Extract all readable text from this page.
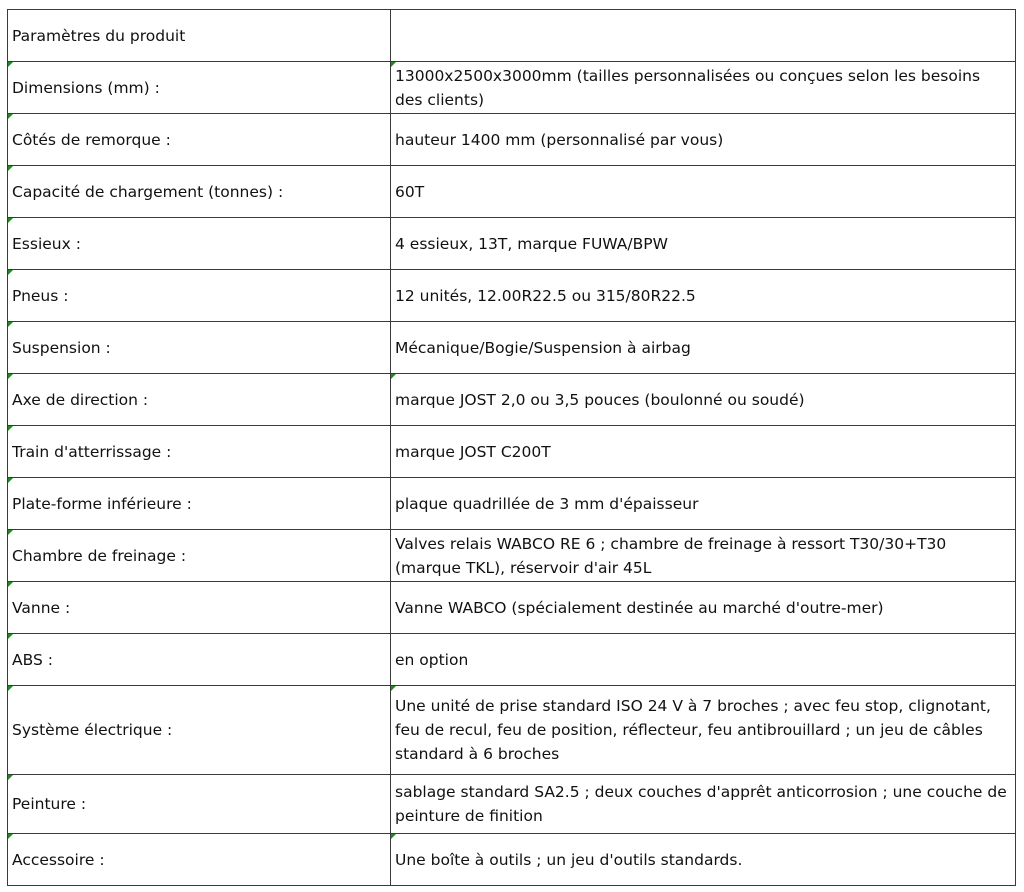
Paramètres du produit	
Dimensions (mm) :	13000x2500x3000mm (tailles personnalisées ou conçues selon les besoins des clients)
Côtés de remorque :	hauteur 1400 mm (personnalisé par vous)
Capacité de chargement (tonnes) :	60T
Essieux :	4 essieux, 13T, marque FUWA/BPW
Pneus :	12 unités, 12.00R22.5 ou 315/80R22.5
Suspension :	Mécanique/Bogie/Suspension à airbag
Axe de direction :	marque JOST 2,0 ou 3,5 pouces (boulonné ou soudé)
Train d'atterrissage :	marque JOST C200T
Plate-forme inférieure :	plaque quadrillée de 3 mm d'épaisseur
Chambre de freinage :	Valves relais WABCO RE 6 ; chambre de freinage à ressort T30/30+T30 (marque TKL), réservoir d'air 45L
Vanne :	Vanne WABCO (spécialement destinée au marché d'outre-mer)
ABS :	en option
Système électrique :	Une unité de prise standard ISO 24 V à 7 broches ; avec feu stop, clignotant, feu de recul, feu de position, réflecteur, feu antibrouillard ; un jeu de câbles standard à 6 broches
Peinture :	sablage standard SA2.5 ; deux couches d'apprêt anticorrosion ; une couche de peinture de finition
Accessoire :	Une boîte à outils ; un jeu d'outils standards.
